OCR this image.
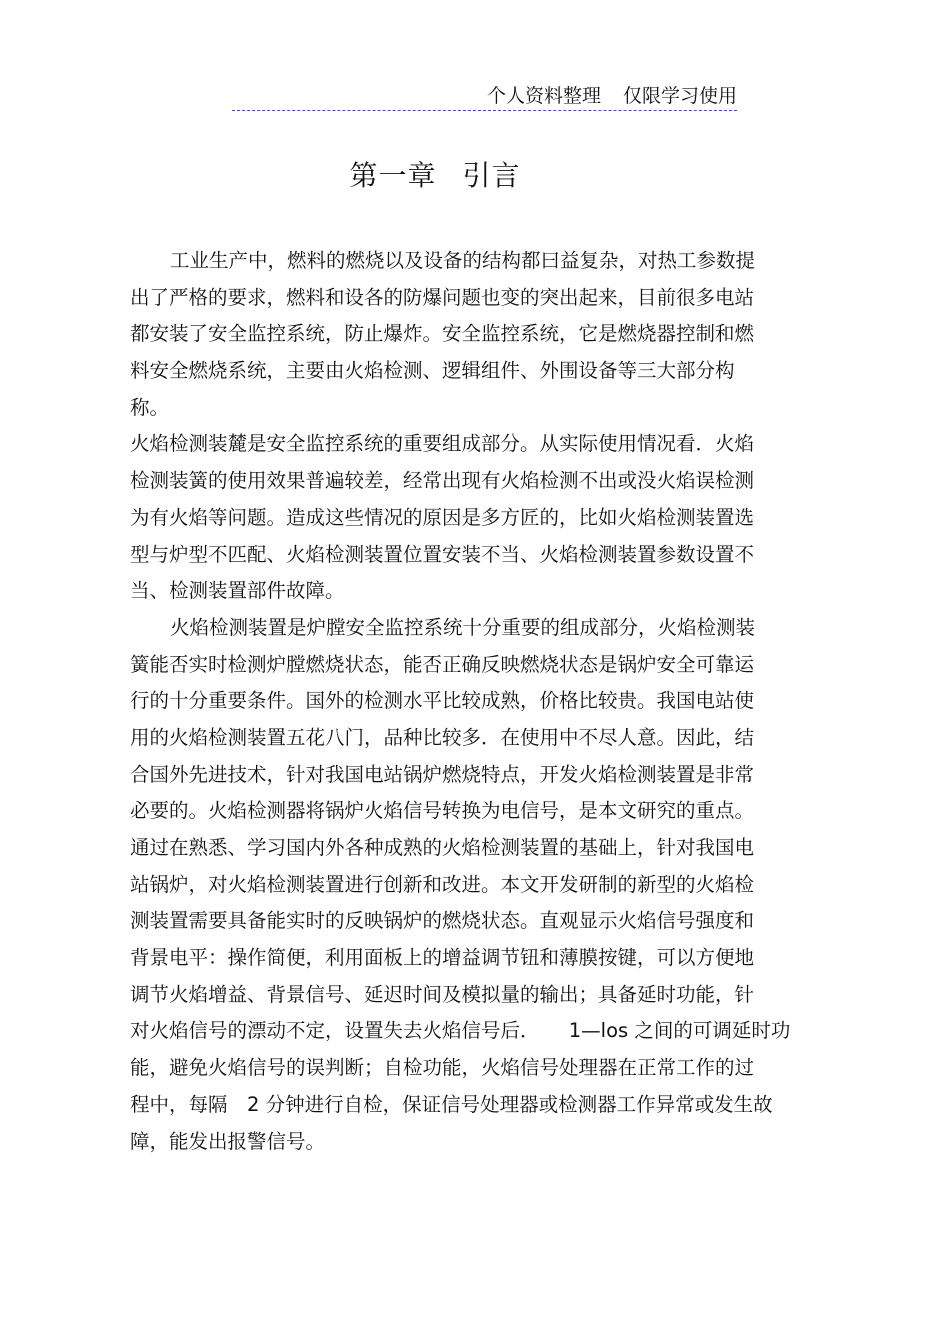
个人资料整理 仅限学习使用
第一章 引言
工业生产中，燃料的燃烧以及设备的结构都曰益复杂，对热工参数提
出了严格的要求，燃料和设各的防爆问题也变的突出起来，目前很多电站
都安装了安全监控系统，防止爆炸。安全监控系统，它是燃烧器控制和燃
料安全燃烧系统，主要由火焰检测、逻辑组件、外围设备等三大部分构
称。
火焰检测装麓是安全监控系统的重要组成部分。从实际使用情况看．火焰
检测装簧的使用效果普遍较差，经常出现有火焰检测不出或没火焰误检测
为有火焰等问题。造成这些情况的原因是多方匠的，比如火焰检测装置选
型与炉型不匹配、火焰检测装置位置安装不当、火焰检测装置参数设置不
当、检测装置部件故障。
火焰检测装置是炉膛安全监控系统十分重要的组成部分，火焰检测装
簧能否实时检测炉膛燃烧状态，能否正确反映燃烧状态是锅炉安全可靠运
行的十分重要条件。国外的检测水平比较成熟，价格比较贵。我国电站使
用的火焰检测装置五花八门，品种比较多．在使用中不尽人意。因此，结
合国外先进技术，针对我国电站锅炉燃烧特点，开发火焰检测装置是非常
必要的。火焰检测器将锅炉火焰信号转换为电信号，是本文研究的重点。
通过在熟悉、学习国内外各种成熟的火焰检测装置的基础上，针对我国电
站锅炉，对火焰检测装置进行创新和改进。本文开发研制的新型的火焰检
测装置需要具备能实时的反映锅炉的燃烧状态。直观显示火焰信号强度和
背景电平：操作简便，利用面板上的增益调节钮和薄膜按键，可以方便地
调节火焰增益、背景信号、延迟时间及模拟量的输出；具备延时功能，针
对火焰信号的漂动不定，设置失去火焰信号后．　　1—los 之间的可调延时功
能，避免火焰信号的误判断；自检功能，火焰信号处理器在正常工作的过
程中，每隔　2 分钟进行自检，保证信号处理器或检测器工作异常或发生故
障，能发出报警信号。
